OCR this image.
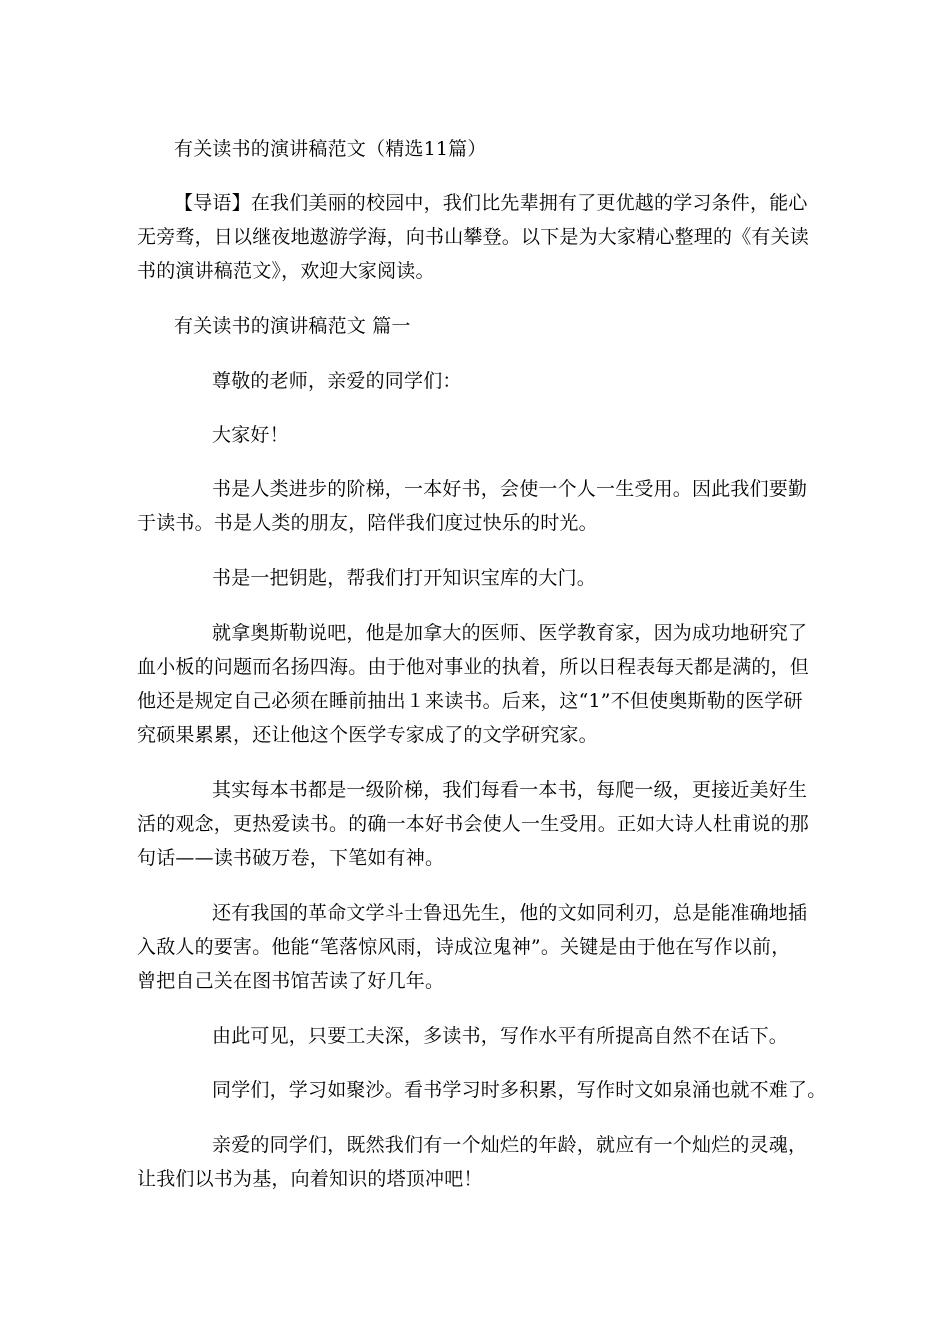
有关读书的演讲稿范文（精选11篇）
【导语】在我们美丽的校园中，我们比先辈拥有了更优越的学习条件，能心
无旁骛，日以继夜地遨游学海，向书山攀登。以下是为大家精心整理的《有关读
书的演讲稿范文》，欢迎大家阅读。
有关读书的演讲稿范文 篇一
尊敬的老师，亲爱的同学们：
大家好！
书是人类进步的阶梯，一本好书，会使一个人一生受用。因此我们要勤
于读书。书是人类的朋友，陪伴我们度过快乐的时光。
书是一把钥匙，帮我们打开知识宝库的大门。
就拿奥斯勒说吧，他是加拿大的医师、医学教育家，因为成功地研究了
血小板的问题而名扬四海。由于他对事业的执着，所以日程表每天都是满的，但
他还是规定自己必须在睡前抽出１来读书。后来，这“1”不但使奥斯勒的医学研
究硕果累累，还让他这个医学专家成了的文学研究家。
其实每本书都是一级阶梯，我们每看一本书，每爬一级，更接近美好生
活的观念，更热爱读书。的确一本好书会使人一生受用。正如大诗人杜甫说的那
句话——读书破万卷，下笔如有神。
还有我国的革命文学斗士鲁迅先生，他的文如同利刃，总是能准确地插
入敌人的要害。他能“笔落惊风雨，诗成泣鬼神”。关键是由于他在写作以前，
曾把自己关在图书馆苦读了好几年。
由此可见，只要工夫深，多读书，写作水平有所提高自然不在话下。
同学们，学习如聚沙。看书学习时多积累，写作时文如泉涌也就不难了。
亲爱的同学们，既然我们有一个灿烂的年龄，就应有一个灿烂的灵魂，
让我们以书为基，向着知识的塔顶冲吧！
